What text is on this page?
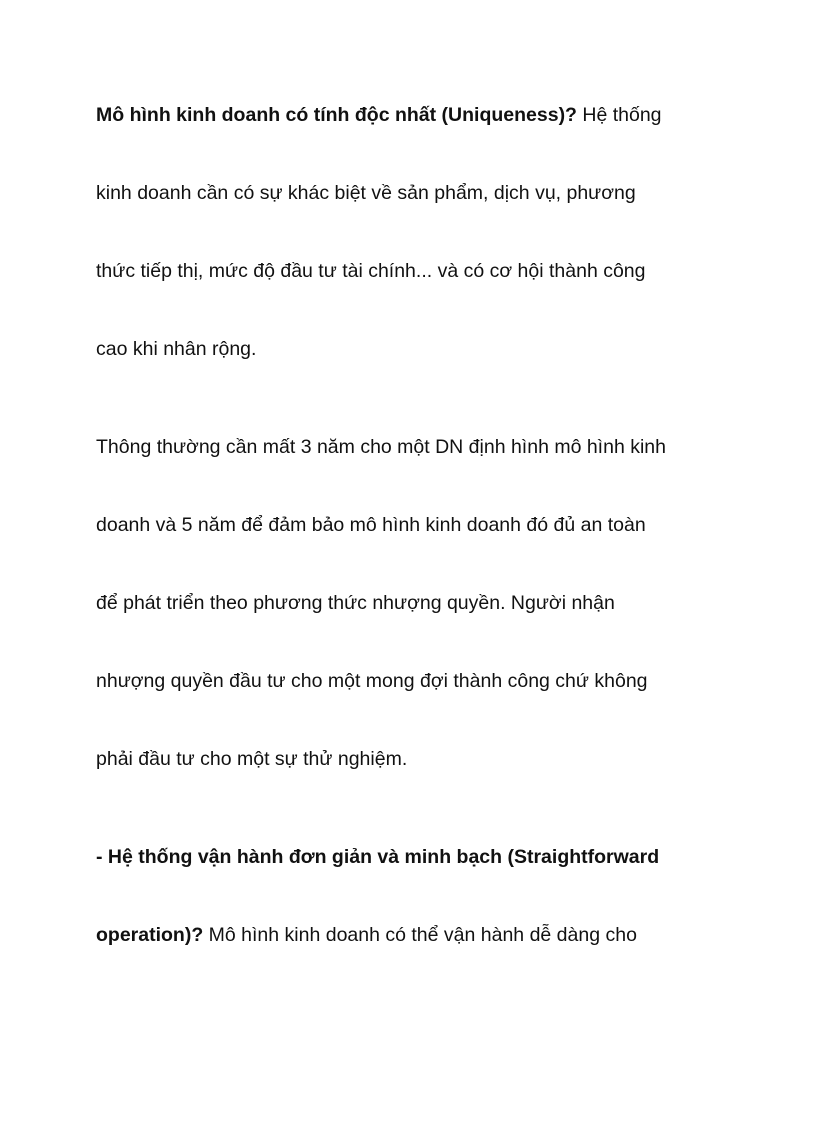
Mô hình kinh doanh có tính độc nhất (Uniqueness)? Hệ thống
kinh doanh cần có sự khác biệt về sản phẩm, dịch vụ, phương
thức tiếp thị, mức độ đầu tư tài chính... và có cơ hội thành công
cao khi nhân rộng.
Thông thường cần mất 3 năm cho một DN định hình mô hình kinh
doanh và 5 năm để đảm bảo mô hình kinh doanh đó đủ an toàn
để phát triển theo phương thức nhượng quyền. Người nhận
nhượng quyền đầu tư cho một mong đợi thành công chứ không
phải đầu tư cho một sự thử nghiệm.
- Hệ thống vận hành đơn giản và minh bạch (Straightforward
operation)? Mô hình kinh doanh có thể vận hành dễ dàng cho
